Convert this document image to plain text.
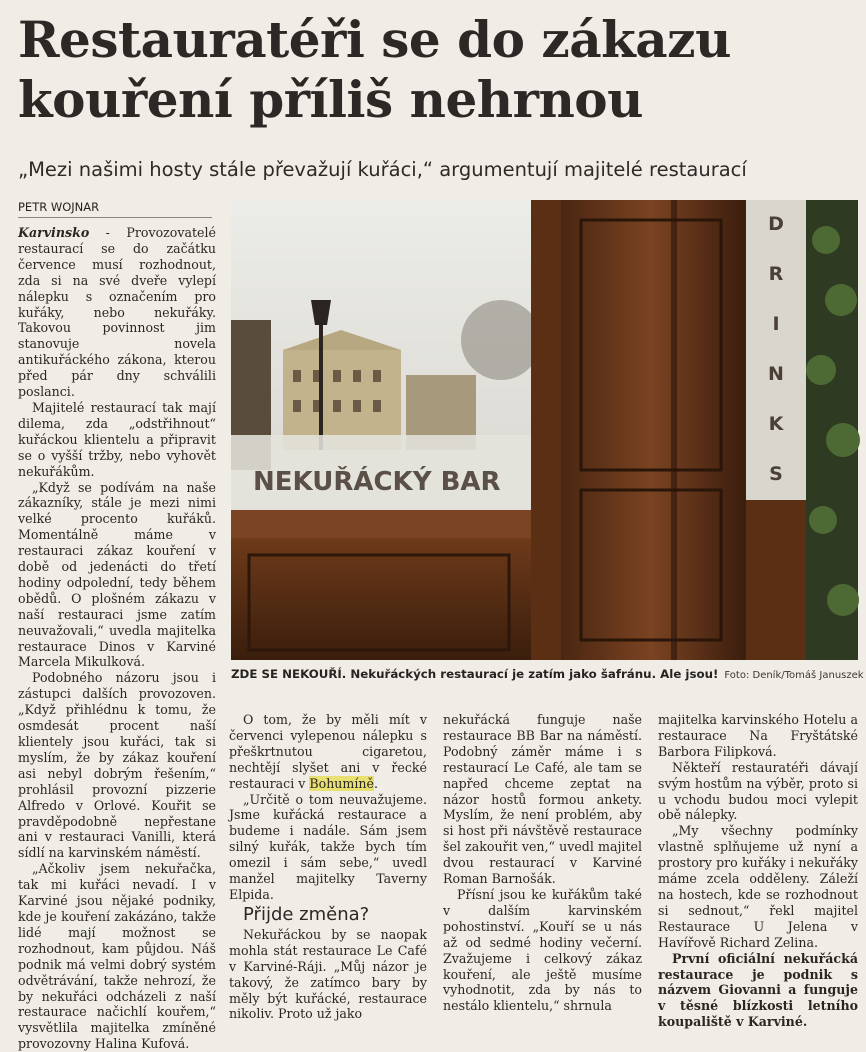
Restauratéři se do zákazu
kouření příliš nehrnou
„Mezi našimi hosty stále převažují kuřáci,“ argumentují majitelé restaurací
PETR WOJNAR

Karvinsko - Provozovatelé restaurací se do začátku července musí rozhodnout, zda si na své dveře vylepí nálepku s označením pro kuřáky, nebo nekuřáky. Takovou povinnost jim stanovuje novela antikuřáckého zákona, kterou před pár dny schválili poslanci.

Majitelé restaurací tak mají dilema, zda „odstřihnout“ kuřáckou klientelu a připravit se o vyšší tržby, nebo vyhovět nekuřákům.

„Když se podívám na naše zákazníky, stále je mezi nimi velké procento kuřáků. Momentálně máme v restauraci zákaz kouření v době od jedenácti do třetí hodiny odpolední, tedy během obědů. O plošném zákazu v naší restauraci jsme zatím neuvažovali,“ uvedla majitelka restaurace Dinos v Karviné Marcela Mikulková.

Podobného názoru jsou i zástupci dalších provozoven. „Když přihlédnu k tomu, že osmdesát procent naší klientely jsou kuřáci, tak si myslím, že by zákaz kouření asi nebyl dobrým řešením,“ prohlásil provozní pizzerie Alfredo v Orlové. Kouřit se pravděpodobně nepřestane ani v restauraci Vanilli, která sídlí na karvinském náměstí.

„Ačkoliv jsem nekuřačka, tak mi kuřáci nevadí. I v Karviné jsou nějaké podniky, kde je kouření zakázáno, takže lidé mají možnost se rozhodnout, kam půjdou. Náš podnik má velmi dobrý systém odvětrávání, takže nehrozí, že by nekuřáci odcházeli z naší restaurace načichlí kouřem,“ vysvětlila majitelka zmíněné provozovny Halina Kufová.

NEKUŘÁCKÝ BAR
D
R
I
N
K
S
ZDE SE NEKOUŘÍ. Nekuřáckých restaurací je zatím jako šafránu. Ale jsou! Foto: Deník/Tomáš Januszek

O tom, že by měli mít v červenci vylepenou nálepku s přeškrtnutou cigaretou, nechtějí slyšet ani v řecké restauraci v Bohumíně.

„Určitě o tom neuvažujeme. Jsme kuřácká restaurace a budeme i nadále. Sám jsem silný kuřák, takže bych tím omezil i sám sebe,“ uvedl manžel majitelky Taverny Elpida.

Přijde změna?

Nekuřáckou by se naopak mohla stát restaurace Le Café v Karviné-Ráji. „Můj názor je takový, že zatímco bary by měly být kuřácké, restaurace nikoliv. Proto už jako

nekuřácká funguje naše restaurace BB Bar na náměstí. Podobný záměr máme i s restaurací Le Café, ale tam se napřed chceme zeptat na názor hostů formou ankety. Myslím, že není problém, aby si host při návštěvě restaurace šel zakouřit ven,“ uvedl majitel dvou restaurací v Karviné Roman Barnošák.

Přísní jsou ke kuřákům také v dalším karvinském pohostinství. „Kouří se u nás až od sedmé hodiny večerní. Zvažujeme i celkový zákaz kouření, ale ještě musíme vyhodnotit, zda by nás to nestálo klientelu,“ shrnula

majitelka karvinského Hotelu a restaurace Na Fryštátské Barbora Filipková.

Někteří restauratéři dávají svým hostům na výběr, proto si u vchodu budou moci vylepit obě nálepky.

„My všechny podmínky vlastně splňujeme už nyní a prostory pro kuřáky i nekuřáky máme zcela odděleny. Záleží na hostech, kde se rozhodnout si sednout,“ řekl majitel Restaurace U Jelena v Havířově Richard Zelina.

První oficiální nekuřácká restaurace je podnik s názvem Giovanni a funguje v těsné blízkosti letního koupaliště v Karviné.
